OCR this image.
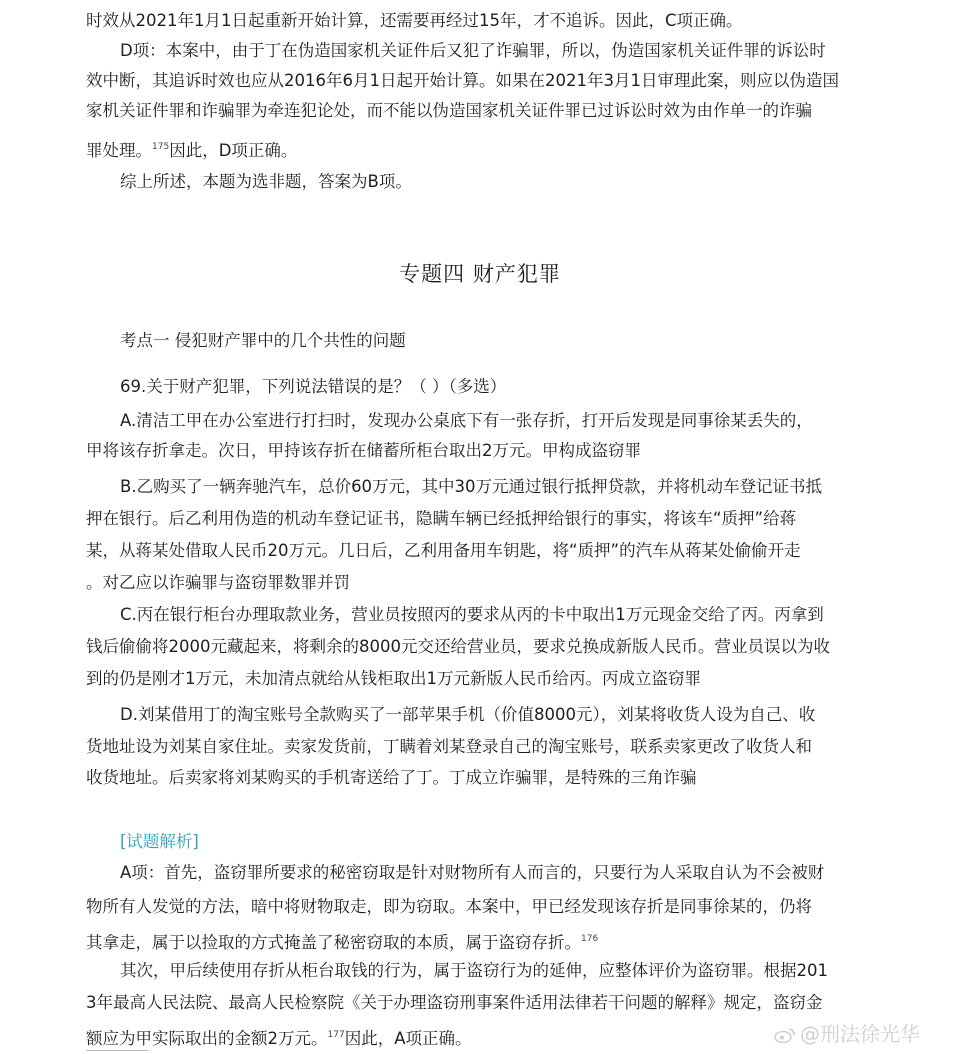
时效从2021年1月1日起重新开始计算，还需要再经过15年，才不追诉。因此，C项正确。
D项：本案中，由于丁在伪造国家机关证件后又犯了诈骗罪，所以，伪造国家机关证件罪的诉讼时
效中断，其追诉时效也应从2016年6月1日起开始计算。如果在2021年3月1日审理此案，则应以伪造国
家机关证件罪和诈骗罪为牵连犯论处，而不能以伪造国家机关证件罪已过诉讼时效为由作单一的诈骗
罪处理。$^{175}$因此，D项正确。
综上所述，本题为选非题，答案为B项。
专题四 财产犯罪
考点一 侵犯财产罪中的几个共性的问题
69.关于财产犯罪，下列说法错误的是？（ ）（多选）
A.清洁工甲在办公室进行打扫时，发现办公桌底下有一张存折，打开后发现是同事徐某丢失的，
甲将该存折拿走。次日，甲持该存折在储蓄所柜台取出2万元。甲构成盗窃罪
B.乙购买了一辆奔驰汽车，总价60万元，其中30万元通过银行抵押贷款，并将机动车登记证书抵
押在银行。后乙利用伪造的机动车登记证书，隐瞒车辆已经抵押给银行的事实，将该车“质押”给蒋
某，从蒋某处借取人民币20万元。几日后，乙利用备用车钥匙，将“质押”的汽车从蒋某处偷偷开走
。对乙应以诈骗罪与盗窃罪数罪并罚
C.丙在银行柜台办理取款业务，营业员按照丙的要求从丙的卡中取出1万元现金交给了丙。丙拿到
钱后偷偷将2000元藏起来，将剩余的8000元交还给营业员，要求兑换成新版人民币。营业员误以为收
到的仍是刚才1万元，未加清点就给从钱柜取出1万元新版人民币给丙。丙成立盗窃罪
D.刘某借用丁的淘宝账号全款购买了一部苹果手机（价值8000元），刘某将收货人设为自己、收
货地址设为刘某自家住址。卖家发货前，丁瞒着刘某登录自己的淘宝账号，联系卖家更改了收货人和
收货地址。后卖家将刘某购买的手机寄送给了丁。丁成立诈骗罪，是特殊的三角诈骗
[试题解析]
A项：首先，盗窃罪所要求的秘密窃取是针对财物所有人而言的，只要行为人采取自认为不会被财
物所有人发觉的方法，暗中将财物取走，即为窃取。本案中，甲已经发现该存折是同事徐某的，仍将
其拿走，属于以捡取的方式掩盖了秘密窃取的本质，属于盗窃存折。$^{176}$
其次，甲后续使用存折从柜台取钱的行为，属于盗窃行为的延伸，应整体评价为盗窃罪。根据201
3年最高人民法院、最高人民检察院《关于办理盗窃刑事案件适用法律若干问题的解释》规定，盗窃金
额应为甲实际取出的金额2万元。$^{177}$因此，A项正确。	@刑法徐光华
